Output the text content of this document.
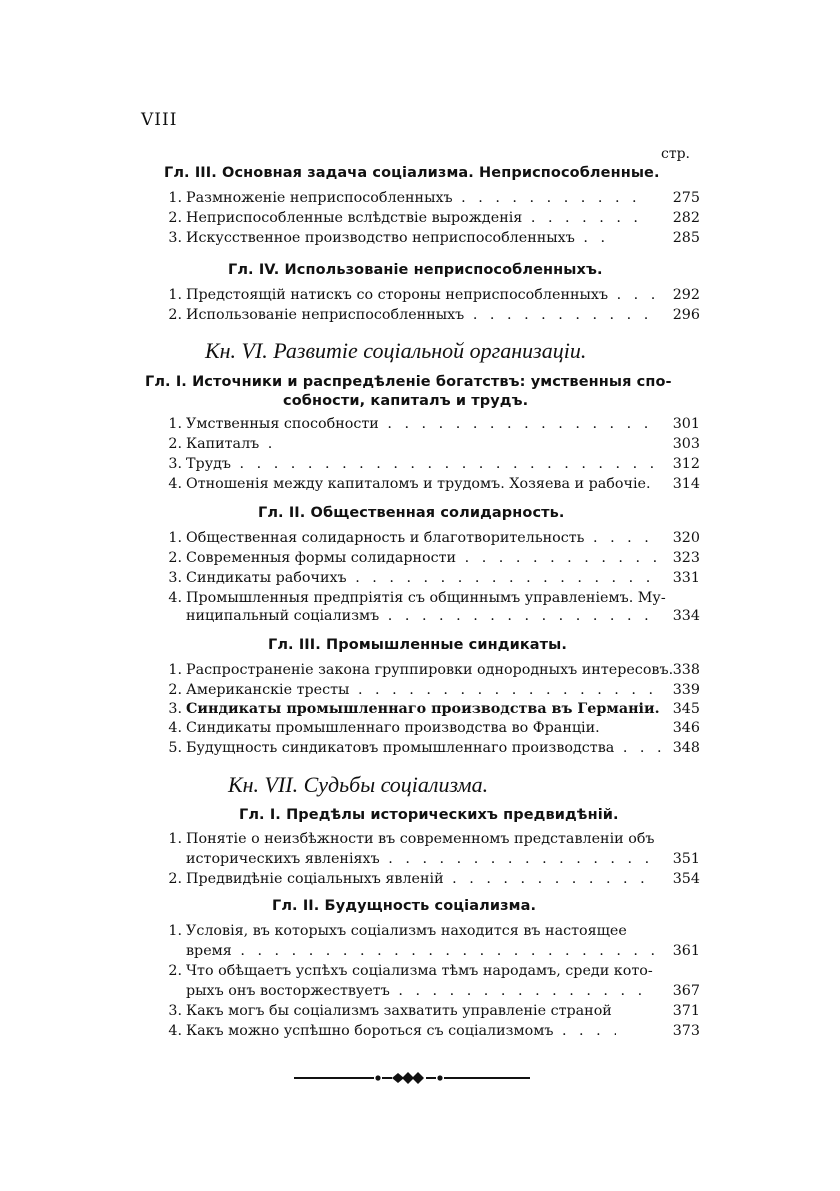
VIII
стр.
Гл. III. Основная задача соціализма. Неприспособленные.
1. Размноженіе неприспособленныхъ . . .	275
2. Неприспособленные вслѣдствіе вырожденія . . .	282
3. Искусственное производство неприспособленныхъ . . .	285
Гл. IV. Использованіе неприспособленныхъ.
1. Предстоящій натискъ со стороны неприспособленныхъ . . .	292
2. Использованіе неприспособленныхъ . . .	296
Кн. VI. Развитіе соціальной организаціи.
Гл. I. Источники и распредѣленіе богатствъ: умственныя спо-
собности, капиталъ и трудъ.
1. Умственныя способности . . .	301
2. Капиталъ . . .	303
3. Трудъ . . .	312
4. Отношенія между капиталомъ и трудомъ. Хозяева и рабочіе.	314
Гл. II. Общественная солидарность.
1. Общественная солидарность и благотворительность . . .	320
2. Современныя формы солидарности . . .	323
3. Синдикаты рабочихъ . . .	331
4. Промышленныя предпріятія съ общиннымъ управленіемъ. Му-
ниципальный соціализмъ . . .	334
Гл. III. Промышленные синдикаты.
1. Распространеніе закона группировки однородныхъ интересовъ. 338
2. Американскіе тресты . . .	339
3. Синдикаты промышленнаго производства въ Германіи. 345
4. Синдикаты промышленнаго производства во Франціи.	346
5. Будущность синдикатовъ промышленнаго производства . . .	348
Кн. VII. Судьбы соціализма.
Гл. I. Предѣлы историческихъ предвидѣній.
1. Понятіе о неизбѣжности въ современномъ представленіи объ
историческихъ явленіяхъ . . .	351
2. Предвидѣніе соціальныхъ явленій . . .	354
Гл. II. Будущность соціализма.
1. Условія, въ которыхъ соціализмъ находится въ настоящее
время . . .	361
2. Что обѣщаетъ успѣхъ соціализма тѣмъ народамъ, среди кото-
рыхъ онъ восторжествуетъ . . .	367
3. Какъ могъ бы соціализмъ захватить управленіе страной	371
4. Какъ можно успѣшно бороться съ соціализмомъ . . .	373
